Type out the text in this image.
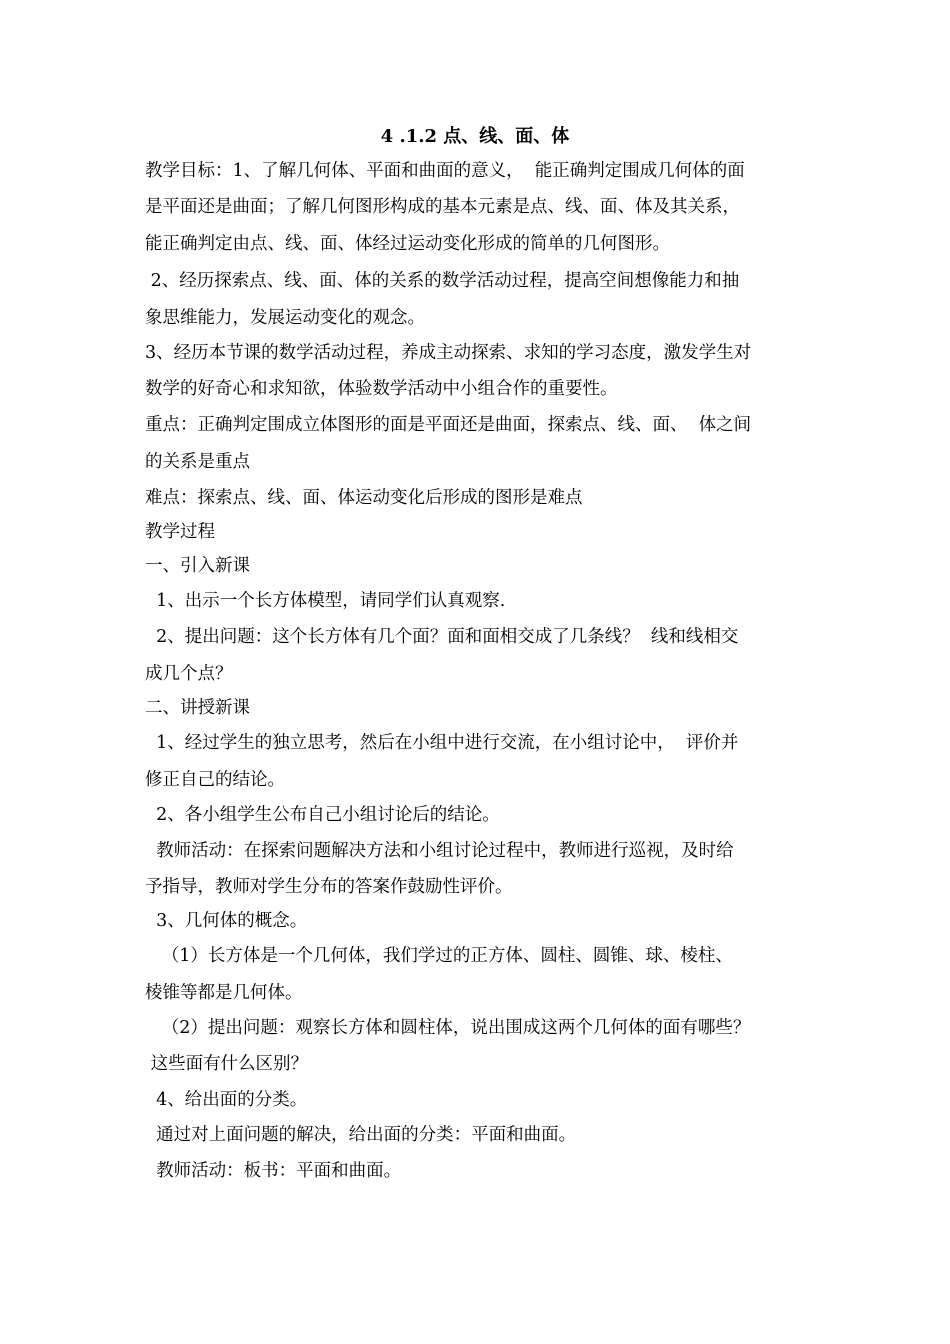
4 .1.2 点、线、面、体
教学目标：1、了解几何体、平面和曲面的意义，  能正确判定围成几何体的面
是平面还是曲面；了解几何图形构成的基本元素是点、线、面、体及其关系，
能正确判定由点、线、面、体经过运动变化形成的简单的几何图形。
2、经历探索点、线、面、体的关系的数学活动过程，提高空间想像能力和抽
象思维能力，发展运动变化的观念。
3、经历本节课的数学活动过程，养成主动探索、求知的学习态度，激发学生对
数学的好奇心和求知欲，体验数学活动中小组合作的重要性。
重点：正确判定围成立体图形的面是平面还是曲面，探索点、线、面、  体之间
的关系是重点
难点：探索点、线、面、体运动变化后形成的图形是难点
教学过程
一、引入新课
1、出示一个长方体模型，请同学们认真观察.
2、提出问题：这个长方体有几个面？面和面相交成了几条线？  线和线相交
成几个点？
二、讲授新课
1、经过学生的独立思考，然后在小组中进行交流，在小组讨论中，  评价并
修正自己的结论。
2、各小组学生公布自己小组讨论后的结论。
教师活动：在探索问题解决方法和小组讨论过程中，教师进行巡视，及时给
予指导，教师对学生分布的答案作鼓励性评价。
3、几何体的概念。
（1）长方体是一个几何体，我们学过的正方体、圆柱、圆锥、球、棱柱、
棱锥等都是几何体。
（2）提出问题：观察长方体和圆柱体，说出围成这两个几何体的面有哪些？
这些面有什么区别？
4、给出面的分类。
通过对上面问题的解决，给出面的分类：平面和曲面。
教师活动：板书：平面和曲面。
